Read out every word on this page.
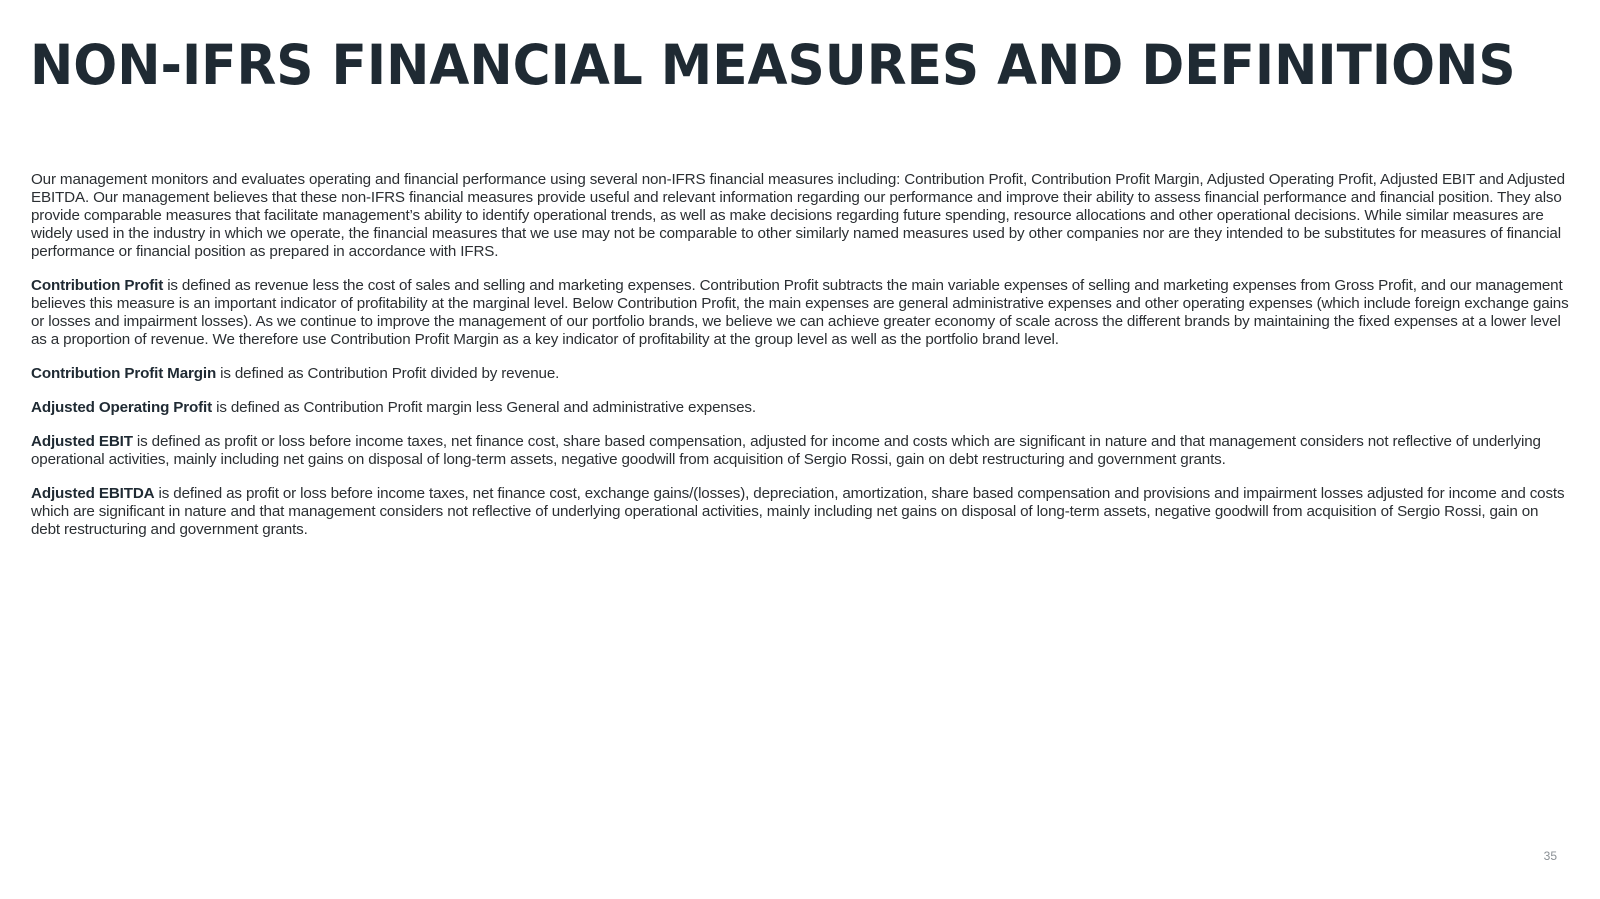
NON-IFRS FINANCIAL MEASURES AND DEFINITIONS

Our management monitors and evaluates operating and financial performance using several non-IFRS financial measures including: Contribution Profit, Contribution Profit Margin, Adjusted Operating Profit, Adjusted EBIT and Adjusted EBITDA. Our management believes that these non-IFRS financial measures provide useful and relevant information regarding our performance and improve their ability to assess financial performance and financial position. They also provide comparable measures that facilitate management’s ability to identify operational trends, as well as make decisions regarding future spending, resource allocations and other operational decisions. While similar measures are widely used in the industry in which we operate, the financial measures that we use may not be comparable to other similarly named measures used by other companies nor are they intended to be substitutes for measures of financial performance or financial position as prepared in accordance with IFRS.

Contribution Profit is defined as revenue less the cost of sales and selling and marketing expenses. Contribution Profit subtracts the main variable expenses of selling and marketing expenses from Gross Profit, and our management believes this measure is an important indicator of profitability at the marginal level. Below Contribution Profit, the main expenses are general administrative expenses and other operating expenses (which include foreign exchange gains or losses and impairment losses). As we continue to improve the management of our portfolio brands, we believe we can achieve greater economy of scale across the different brands by maintaining the fixed expenses at a lower level as a proportion of revenue. We therefore use Contribution Profit Margin as a key indicator of profitability at the group level as well as the portfolio brand level.

Contribution Profit Margin is defined as Contribution Profit divided by revenue.

Adjusted Operating Profit is defined as Contribution Profit margin less General and administrative expenses.

Adjusted EBIT is defined as profit or loss before income taxes, net finance cost, share based compensation, adjusted for income and costs which are significant in nature and that management considers not reflective of underlying operational activities, mainly including net gains on disposal of long-term assets, negative goodwill from acquisition of Sergio Rossi, gain on debt restructuring and government grants.

Adjusted EBITDA is defined as profit or loss before income taxes, net finance cost, exchange gains/(losses), depreciation, amortization, share based compensation and provisions and impairment losses adjusted for income and costs which are significant in nature and that management considers not reflective of underlying operational activities, mainly including net gains on disposal of long-term assets, negative goodwill from acquisition of Sergio Rossi, gain on debt restructuring and government grants.

35
